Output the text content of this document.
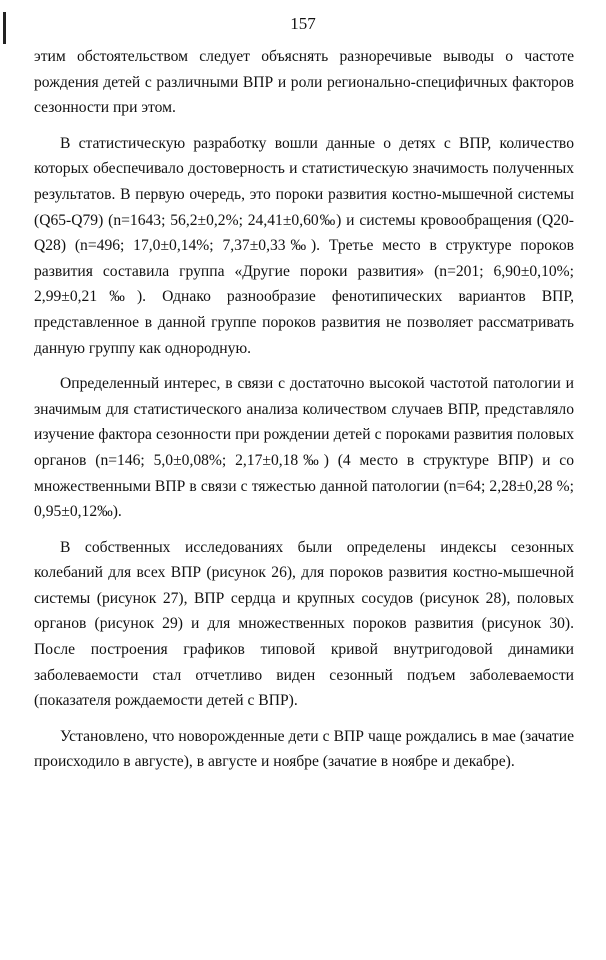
157

этим обстоятельством следует объяснять разноречивые выводы о частоте рождения детей с различными ВПР и роли регионально-специфичных факторов сезонности при этом.

В статистическую разработку вошли данные о детях с ВПР, количество которых обеспечивало достоверность и статистическую значимость полученных результатов. В первую очередь, это пороки развития костно-мышечной системы (Q65-Q79) (n=1643; 56,2±0,2%; 24,41±0,60‰) и системы кровообращения (Q20-Q28) (n=496; 17,0±0,14%; 7,37±0,33‰). Третье место в структуре пороков развития составила группа «Другие пороки развития» (n=201; 6,90±0,10%; 2,99±0,21‰). Однако разнообразие фенотипических вариантов ВПР, представленное в данной группе пороков развития не позволяет рассматривать данную группу как однородную.

Определенный интерес, в связи с достаточно высокой частотой патологии и значимым для статистического анализа количеством случаев ВПР, представляло изучение фактора сезонности при рождении детей с пороками развития половых органов (n=146; 5,0±0,08%; 2,17±0,18‰) (4 место в структуре ВПР) и со множественными ВПР в связи с тяжестью данной патологии (n=64; 2,28±0,28 %; 0,95±0,12‰).

В собственных исследованиях были определены индексы сезонных колебаний для всех ВПР (рисунок 26), для пороков развития костно-мышечной системы (рисунок 27), ВПР сердца и крупных сосудов (рисунок 28), половых органов (рисунок 29) и для множественных пороков развития (рисунок 30). После построения графиков типовой кривой внутригодовой динамики заболеваемости стал отчетливо виден сезонный подъем заболеваемости (показателя рождаемости детей с ВПР).

Установлено, что новорожденные дети с ВПР чаще рождались в мае (зачатие происходило в августе), в августе и ноябре (зачатие в ноябре и декабре).
